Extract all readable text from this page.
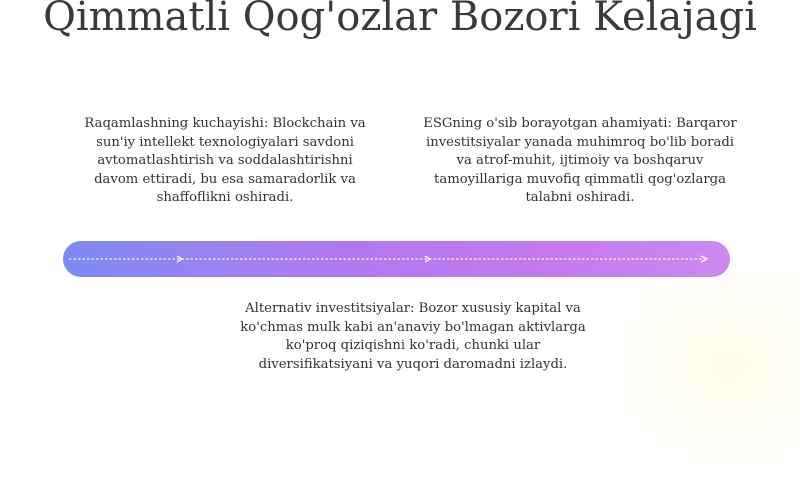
Qimmatli Qog'ozlar Bozori Kelajagi
Raqamlashning kuchayishi: Blockchain va sun'iy intellekt texnologiyalari savdoni avtomatlashtirish va soddalashtirishni davom ettiradi, bu esa samaradorlik va shaffoflikni oshiradi.
ESGning o'sib borayotgan ahamiyati: Barqaror investitsiyalar yanada muhimroq bo'lib boradi va atrof-muhit, ijtimoiy va boshqaruv tamoyillariga muvofiq qimmatli qog'ozlarga talabni oshiradi.
Alternativ investitsiyalar: Bozor xususiy kapital va ko'chmas mulk kabi an'anaviy bo'lmagan aktivlarga ko'proq qiziqishni ko'radi, chunki ular diversifikatsiyani va yuqori daromadni izlaydi.
